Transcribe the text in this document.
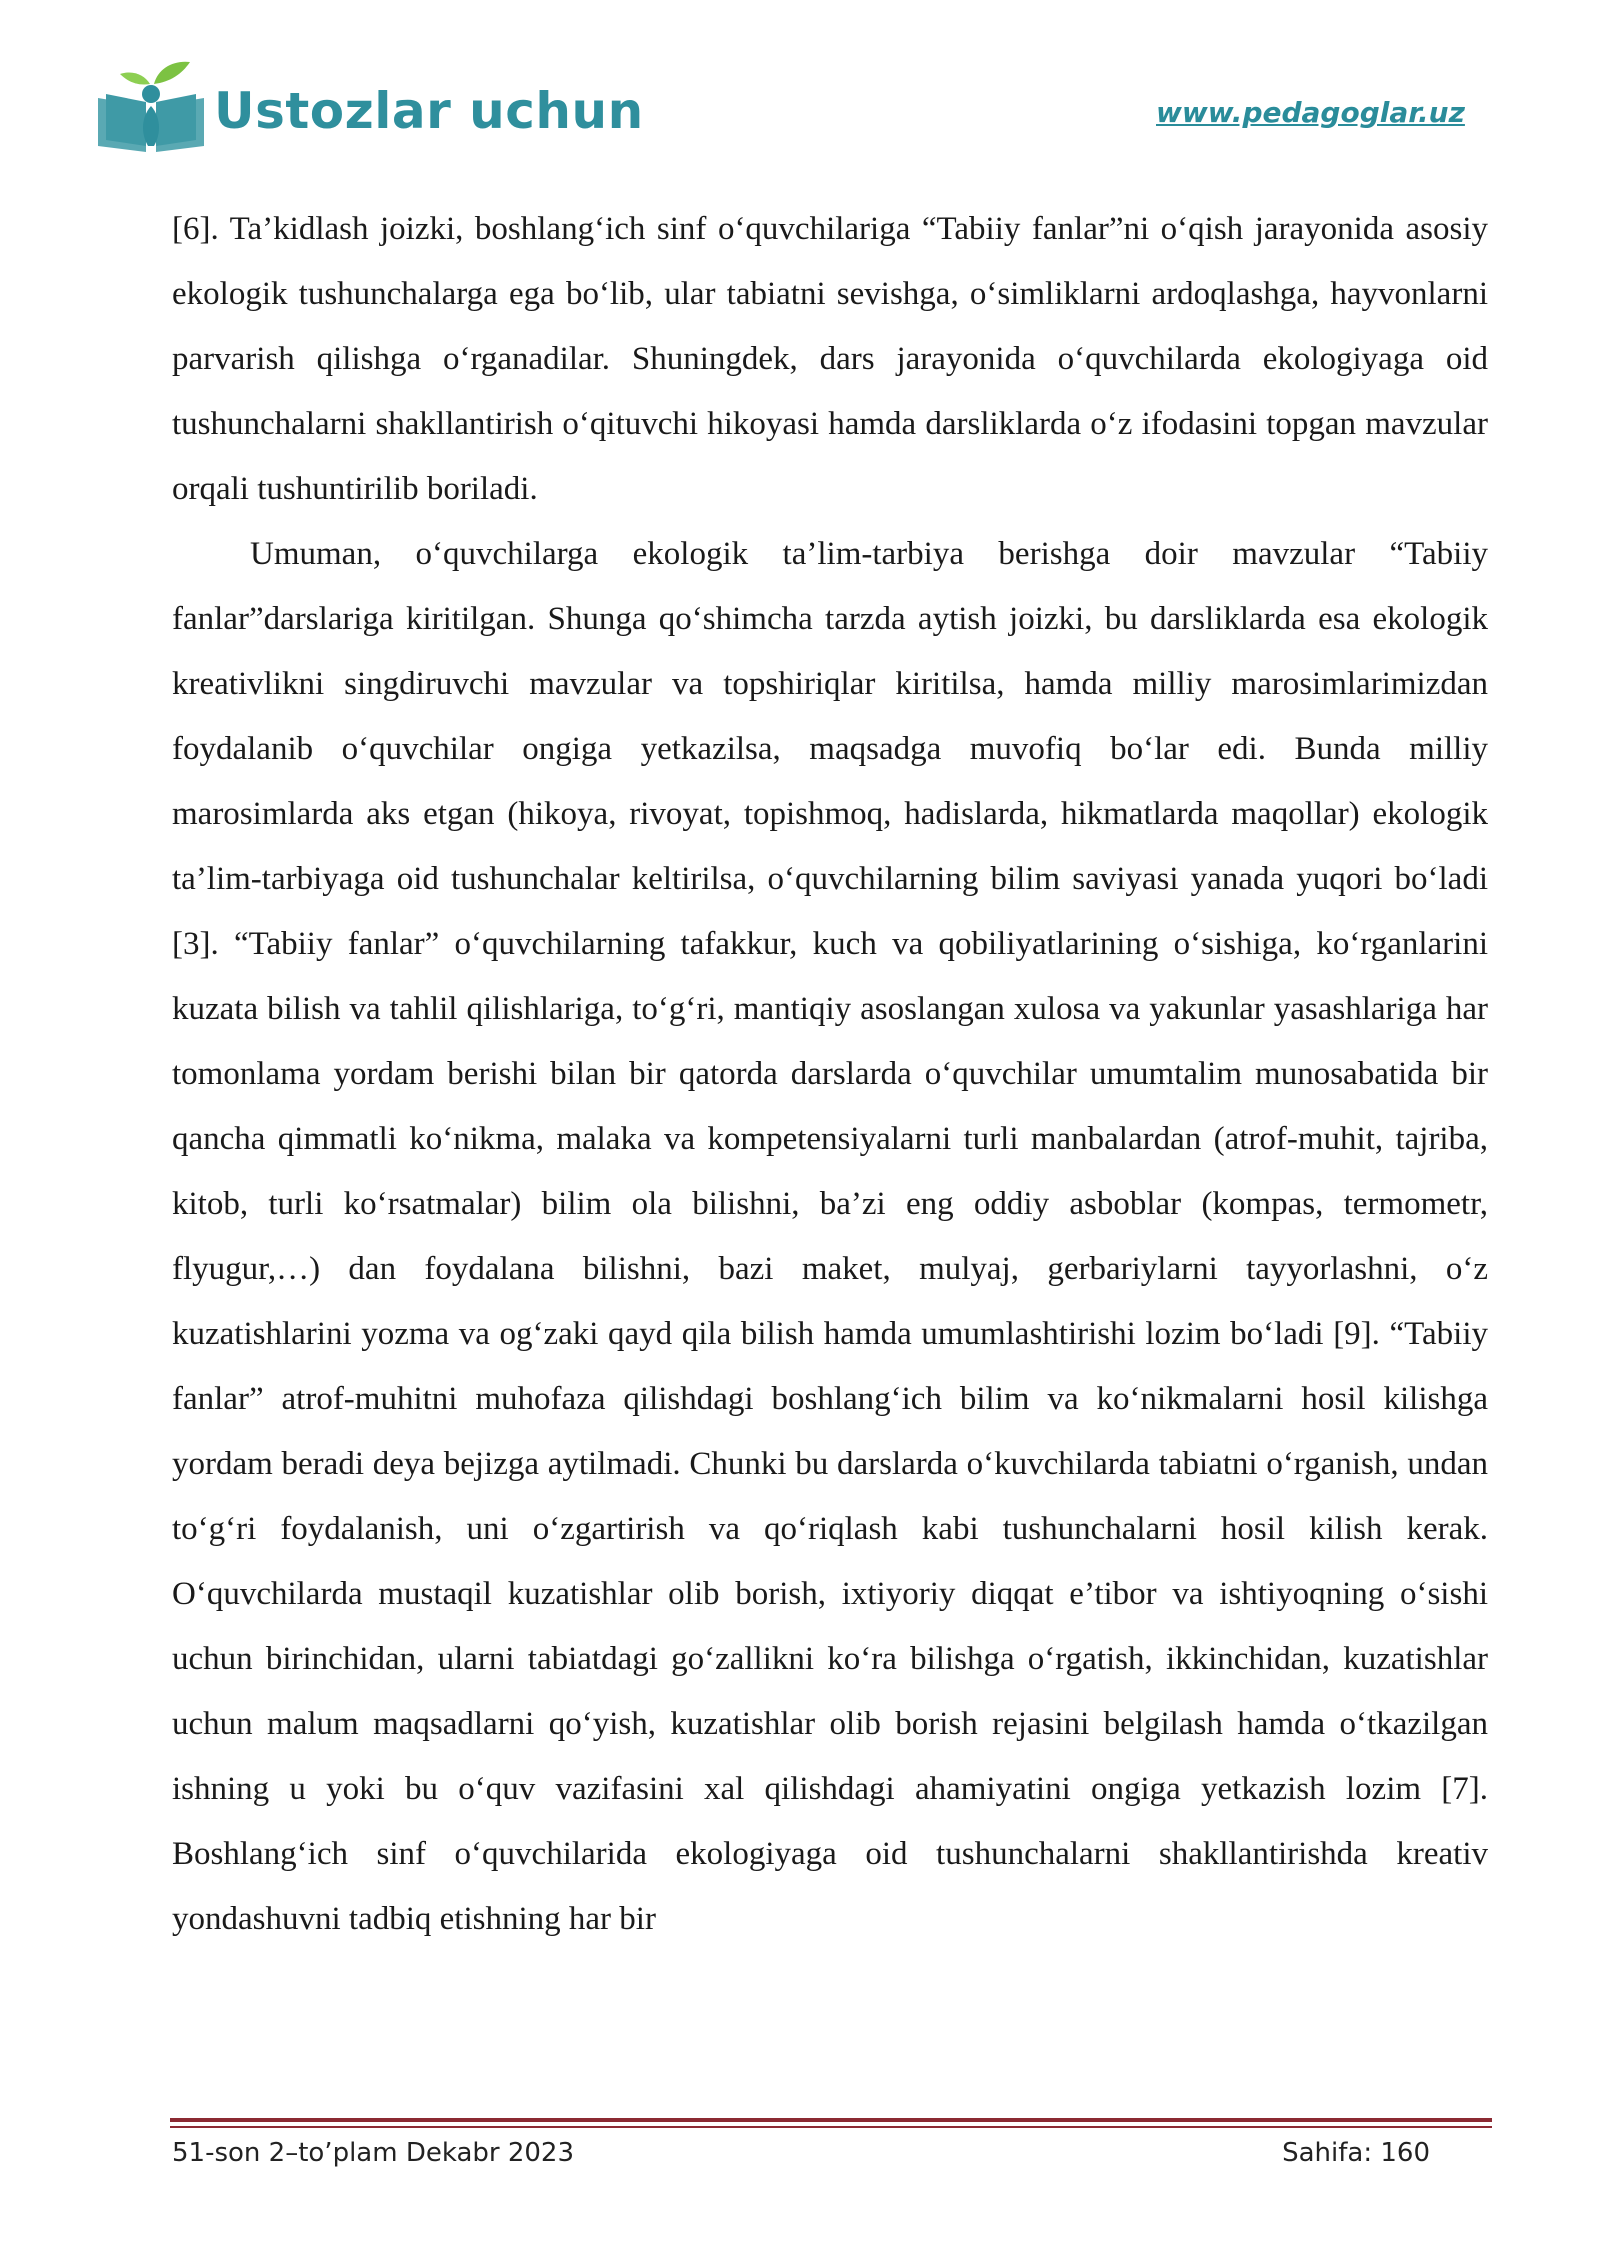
Ustozlar uchun	www.pedagoglar.uz

[6]. Ta’kidlash joizki, boshlang‘ich sinf o‘quvchilariga “Tabiiy fanlar”ni o‘qish jarayonida asosiy ekologik tushunchalarga ega bo‘lib, ular tabiatni sevishga, o‘simliklarni ardoqlashga, hayvonlarni parvarish qilishga o‘rganadilar. Shuningdek, dars jarayonida o‘quvchilarda ekologiyaga oid tushunchalarni shakllantirish o‘qituvchi hikoyasi hamda darsliklarda o‘z ifodasini topgan mavzular orqali tushuntirilib boriladi.

Umuman, o‘quvchilarga ekologik ta’lim-tarbiya berishga doir mavzular “Tabiiy fanlar”darslariga kiritilgan. Shunga qo‘shimcha tarzda aytish joizki, bu darsliklarda esa ekologik kreativlikni singdiruvchi mavzular va topshiriqlar kiritilsa, hamda milliy marosimlarimizdan foydalanib o‘quvchilar ongiga yetkazilsa, maqsadga muvofiq bo‘lar edi. Bunda milliy marosimlarda aks etgan (hikoya, rivoyat, topishmoq, hadislarda, hikmatlarda maqollar) ekologik ta’lim-tarbiyaga oid tushunchalar keltirilsa, o‘quvchilarning bilim saviyasi yanada yuqori bo‘ladi [3]. “Tabiiy fanlar” o‘quvchilarning tafakkur, kuch va qobiliyatlarining o‘sishiga, ko‘rganlarini kuzata bilish va tahlil qilishlariga, to‘g‘ri, mantiqiy asoslangan xulosa va yakunlar yasashlariga har tomonlama yordam berishi bilan bir qatorda darslarda o‘quvchilar umumtalim munosabatida bir qancha qimmatli ko‘nikma, malaka va kompetensiyalarni turli manbalardan (atrof-muhit, tajriba, kitob, turli ko‘rsatmalar) bilim ola bilishni, ba’zi eng oddiy asboblar (kompas, termometr, flyugur,…) dan foydalana bilishni, bazi maket, mulyaj, gerbariylarni tayyorlashni, o‘z kuzatishlarini yozma va og‘zaki qayd qila bilish hamda umumlashtirishi lozim bo‘ladi [9]. “Tabiiy fanlar” atrof-muhitni muhofaza qilishdagi boshlang‘ich bilim va ko‘nikmalarni hosil kilishga yordam beradi deya bejizga aytilmadi. Chunki bu darslarda o‘kuvchilarda tabiatni o‘rganish, undan to‘g‘ri foydalanish, uni o‘zgartirish va qo‘riqlash kabi tushunchalarni hosil kilish kerak. O‘quvchilarda mustaqil kuzatishlar olib borish, ixtiyoriy diqqat e’tibor va ishtiyoqning o‘sishi uchun birinchidan, ularni tabiatdagi go‘zallikni ko‘ra bilishga o‘rgatish, ikkinchidan, kuzatishlar uchun malum maqsadlarni qo‘yish, kuzatishlar olib borish rejasini belgilash hamda o‘tkazilgan ishning u yoki bu o‘quv vazifasini xal qilishdagi ahamiyatini ongiga yetkazish lozim [7]. Boshlang‘ich sinf o‘quvchilarida ekologiyaga oid tushunchalarni shakllantirishda kreativ yondashuvni tadbiq etishning har bir

51-son 2–to’plam Dekabr 2023	Sahifa: 160
